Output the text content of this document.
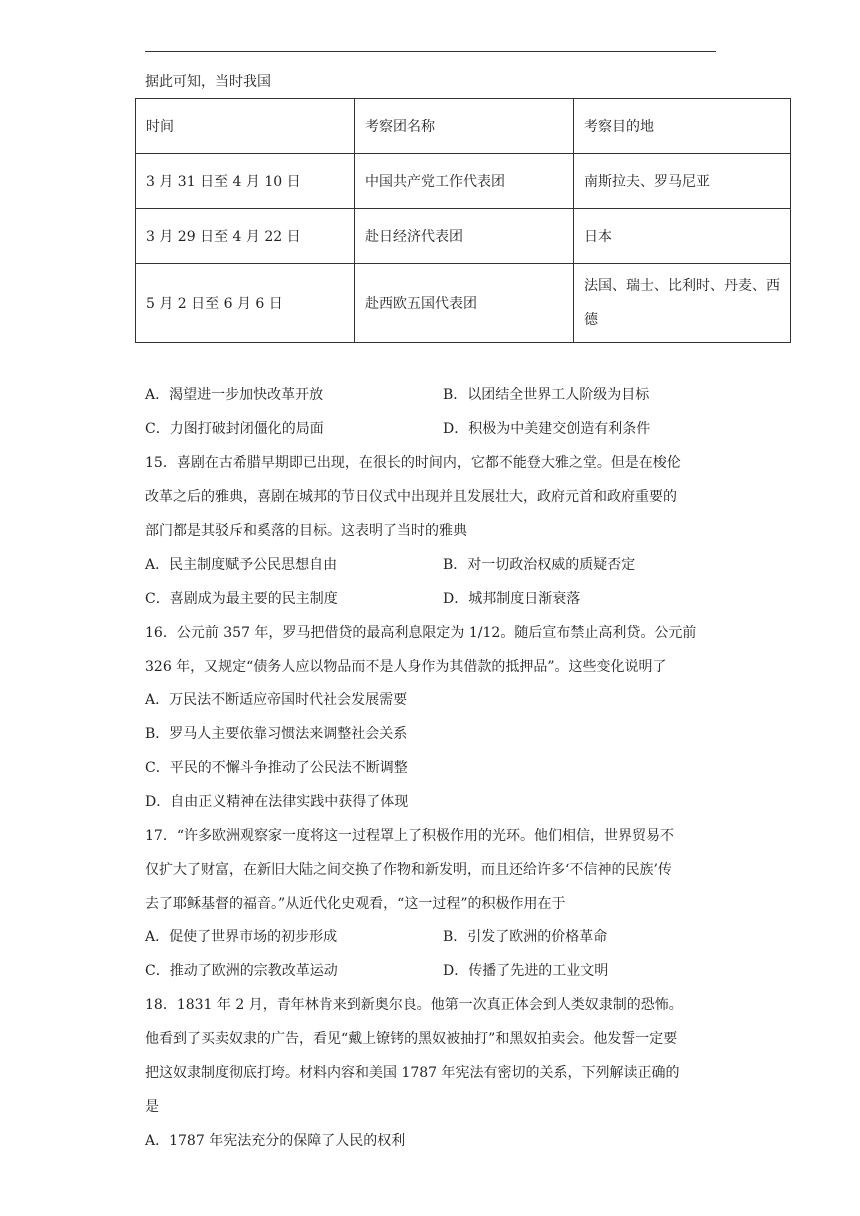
据此可知，当时我国
时间	考察团名称	考察目的地
3 月 31 日至 4 月 10 日	中国共产党工作代表团	南斯拉夫、罗马尼亚
3 月 29 日至 4 月 22 日	赴日经济代表团	日本
5 月 2 日至 6 月 6 日	赴西欧五国代表团	法国、瑞士、比利时、丹麦、西德
A．渴望进一步加快改革开放	B．以团结全世界工人阶级为目标
C．力图打破封闭僵化的局面	D．积极为中美建交创造有利条件
15．喜剧在古希腊早期即已出现，在很长的时间内，它都不能登大雅之堂。但是在梭伦
改革之后的雅典，喜剧在城邦的节日仪式中出现并且发展壮大，政府元首和政府重要的
部门都是其驳斥和奚落的目标。这表明了当时的雅典
A．民主制度赋予公民思想自由	B．对一切政治权威的质疑否定
C．喜剧成为最主要的民主制度	D．城邦制度日渐衰落
16．公元前 357 年，罗马把借贷的最高利息限定为 1/12。随后宣布禁止高利贷。公元前
326 年，又规定“债务人应以物品而不是人身作为其借款的抵押品”。这些变化说明了
A．万民法不断适应帝国时代社会发展需要
B．罗马人主要依靠习惯法来调整社会关系
C．平民的不懈斗争推动了公民法不断调整
D．自由正义精神在法律实践中获得了体现
17．“许多欧洲观察家一度将这一过程罩上了积极作用的光环。他们相信，世界贸易不
仅扩大了财富，在新旧大陆之间交换了作物和新发明，而且还给许多‘不信神的民族’传
去了耶稣基督的福音。”从近代化史观看，“这一过程”的积极作用在于
A．促使了世界市场的初步形成	B．引发了欧洲的价格革命
C．推动了欧洲的宗教改革运动	D．传播了先进的工业文明
18．1831 年 2 月，青年林肯来到新奥尔良。他第一次真正体会到人类奴隶制的恐怖。
他看到了买卖奴隶的广告，看见“戴上镣铐的黑奴被抽打”和黑奴拍卖会。他发誓一定要
把这奴隶制度彻底打垮。材料内容和美国 1787 年宪法有密切的关系，下列解读正确的
是
A．1787 年宪法充分的保障了人民的权利
